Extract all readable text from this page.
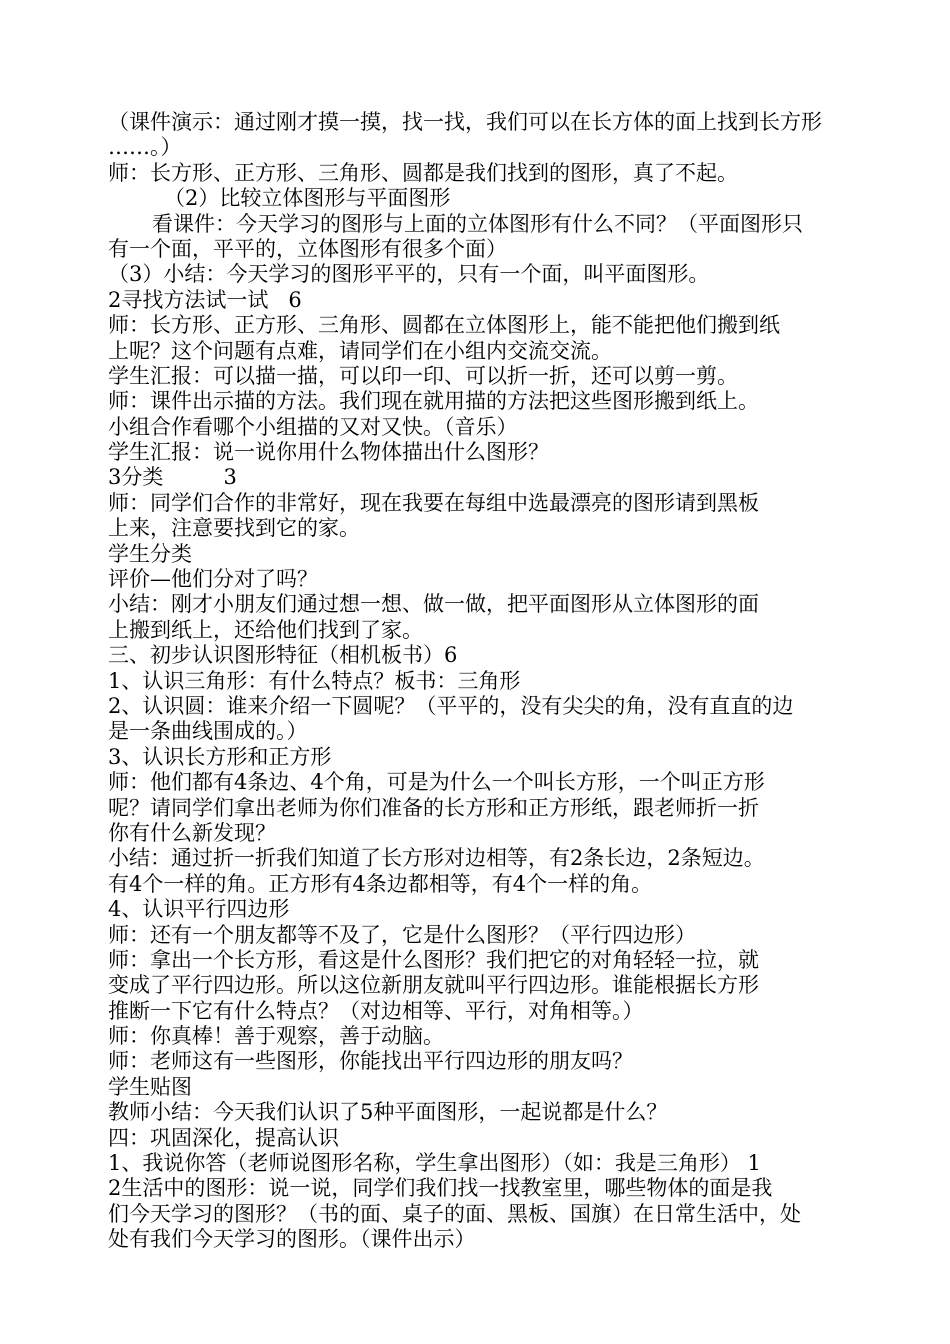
（课件演示：通过刚才摸一摸，找一找，我们可以在长方体的面上找到长方形
……。）
师：长方形、正方形、三角形、圆都是我们找到的图形，真了不起。
（2）比较立体图形与平面图形
看课件：今天学习的图形与上面的立体图形有什么不同？（平面图形只
有一个面，平平的，立体图形有很多个面）
（3）小结：今天学习的图形平平的，只有一个面，叫平面图形。
2寻找方法试一试   6
师：长方形、正方形、三角形、圆都在立体图形上，能不能把他们搬到纸
上呢？这个问题有点难，请同学们在小组内交流交流。
学生汇报：可以描一描，可以印一印、可以折一折，还可以剪一剪。
师：课件出示描的方法。我们现在就用描的方法把这些图形搬到纸上。
小组合作看哪个小组描的又对又快。（音乐）
学生汇报：说一说你用什么物体描出什么图形？
3分类         3
师：同学们合作的非常好，现在我要在每组中选最漂亮的图形请到黑板
上来，注意要找到它的家。
学生分类
评价—他们分对了吗？
小结：刚才小朋友们通过想一想、做一做，把平面图形从立体图形的面
上搬到纸上，还给他们找到了家。
三、初步认识图形特征（相机板书）6
1、认识三角形：有什么特点？板书：三角形
2、认识圆：谁来介绍一下圆呢？（平平的，没有尖尖的角，没有直直的边
是一条曲线围成的。）
3、认识长方形和正方形
师：他们都有4条边、4个角，可是为什么一个叫长方形，一个叫正方形
呢？请同学们拿出老师为你们准备的长方形和正方形纸，跟老师折一折
你有什么新发现？
小结：通过折一折我们知道了长方形对边相等，有2条长边，2条短边。
有4个一样的角。正方形有4条边都相等，有4个一样的角。
4、认识平行四边形
师：还有一个朋友都等不及了，它是什么图形？（平行四边形）
师：拿出一个长方形，看这是什么图形？我们把它的对角轻轻一拉，就
变成了平行四边形。所以这位新朋友就叫平行四边形。谁能根据长方形
推断一下它有什么特点？（对边相等、平行，对角相等。）
师：你真棒！善于观察，善于动脑。
师：老师这有一些图形，你能找出平行四边形的朋友吗？
学生贴图
教师小结：今天我们认识了5种平面图形，一起说都是什么？
四：巩固深化，提高认识
1、我说你答（老师说图形名称，学生拿出图形）（如：我是三角形） 1
2生活中的图形：说一说，同学们我们找一找教室里，哪些物体的面是我
们今天学习的图形？（书的面、桌子的面、黑板、国旗）在日常生活中，处
处有我们今天学习的图形。（课件出示）
